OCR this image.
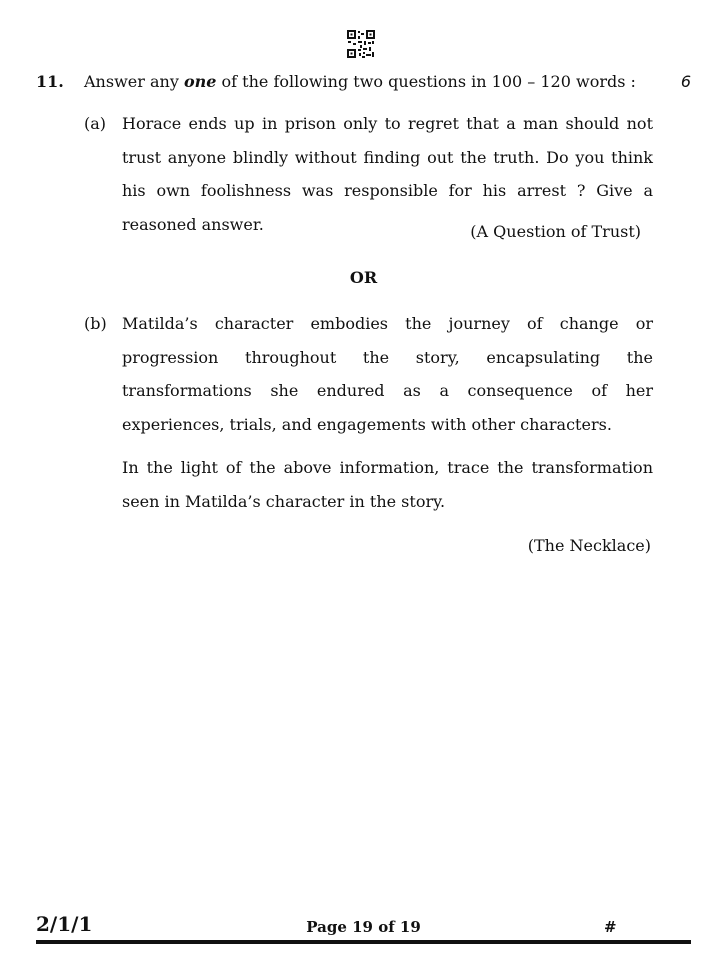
11. Answer any one of the following two questions in 100 – 120 words :	6
(a) Horace ends up in prison only to regret that a man should not trust anyone blindly without finding out the truth. Do you think his own foolishness was responsible for his arrest ? Give a reasoned answer.	(A Question of Trust)
OR
(b) Matilda’s character embodies the journey of change or progression throughout the story, encapsulating the transformations she endured as a consequence of her experiences, trials, and engagements with other characters.
In the light of the above information, trace the transformation seen in Matilda’s character in the story.
(The Necklace)
2/1/1	Page 19 of 19	#
